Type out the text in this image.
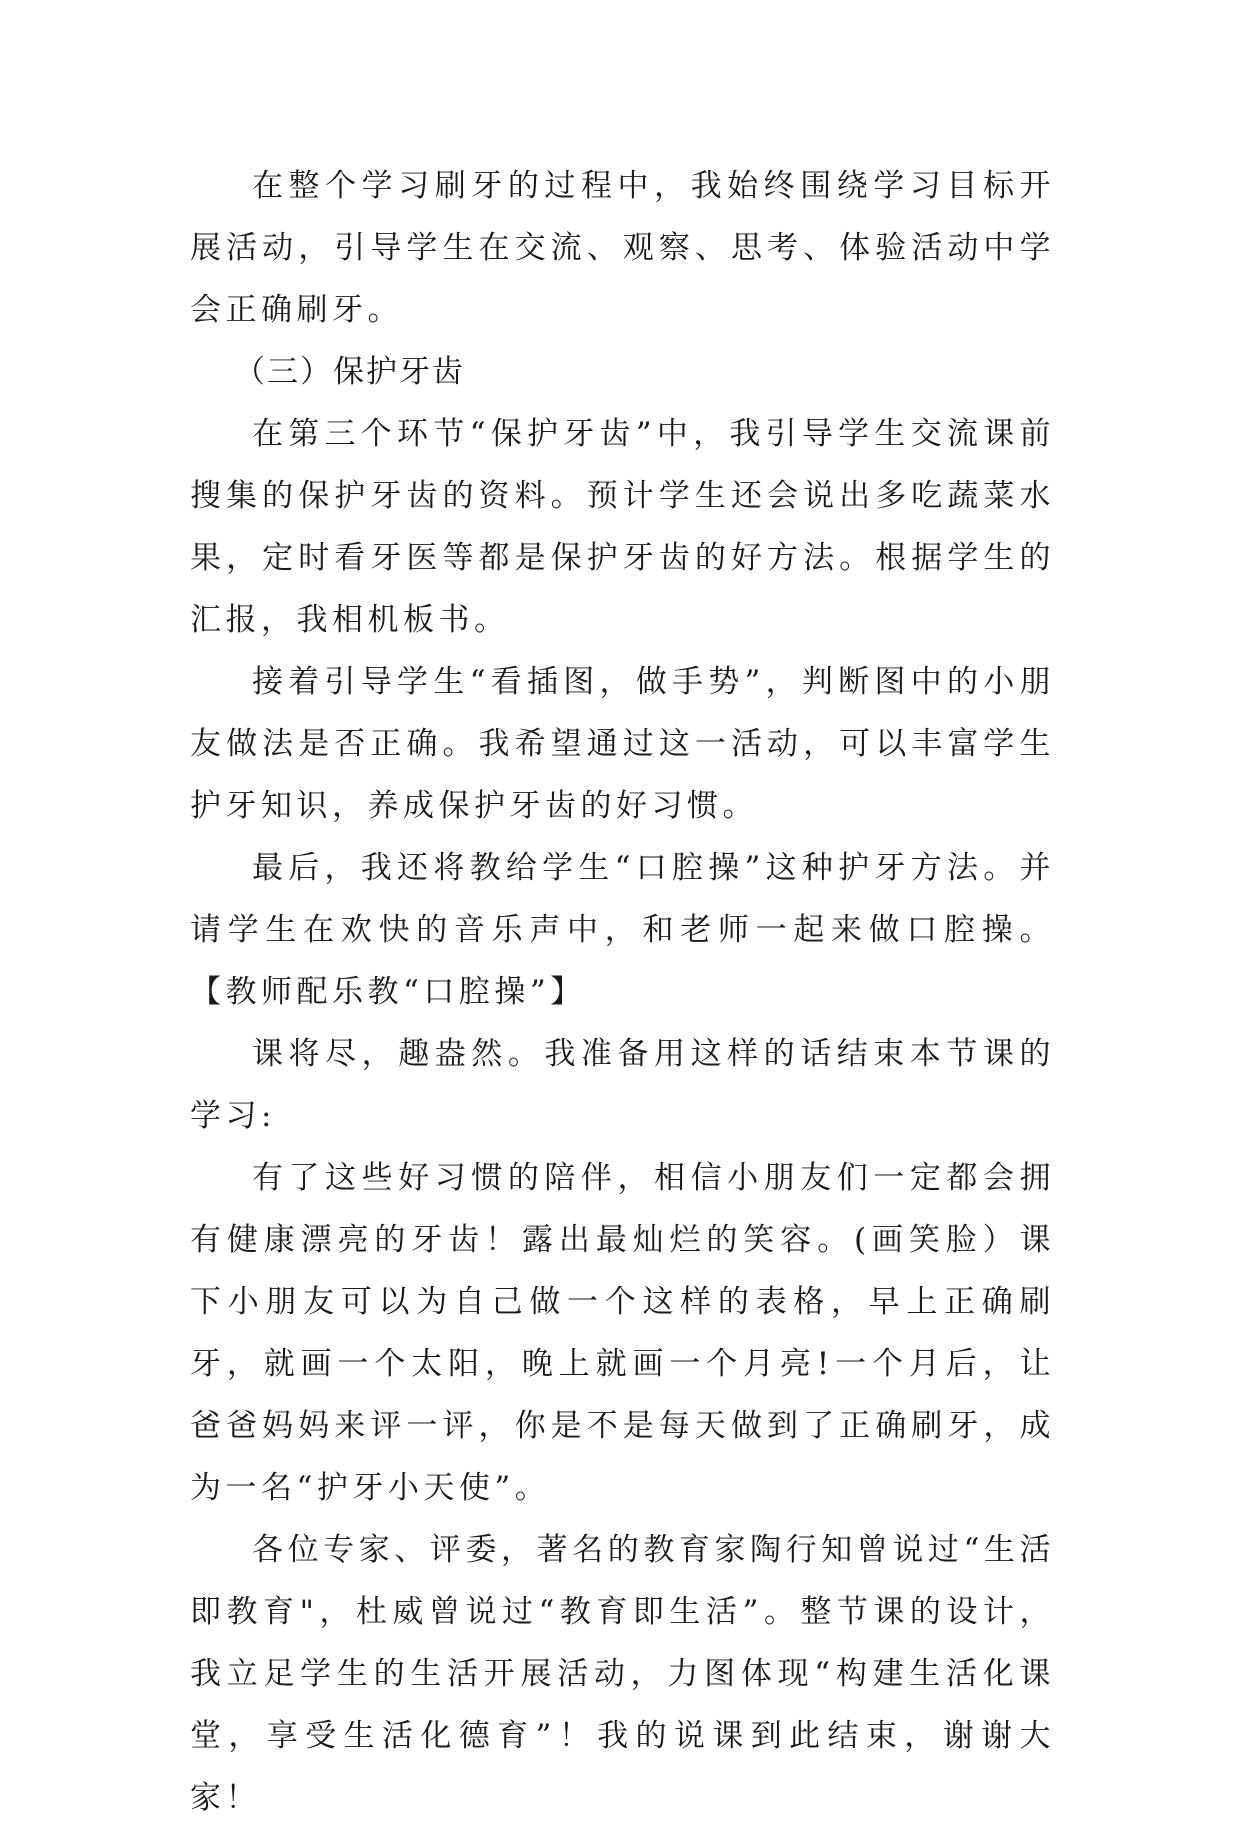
在整个学习刷牙的过程中，我始终围绕学习目标开展活动，引导学生在交流、观察、思考、体验活动中学会正确刷牙。

（三）保护牙齿

在第三个环节“保护牙齿”中，我引导学生交流课前搜集的保护牙齿的资料。预计学生还会说出多吃蔬菜水果，定时看牙医等都是保护牙齿的好方法。根据学生的汇报，我相机板书。

接着引导学生“看插图，做手势”，判断图中的小朋友做法是否正确。我希望通过这一活动，可以丰富学生护牙知识，养成保护牙齿的好习惯。

最后，我还将教给学生“口腔操”这种护牙方法。并请学生在欢快的音乐声中，和老师一起来做口腔操。【教师配乐教“口腔操”】

课将尽，趣盎然。我准备用这样的话结束本节课的学习:

有了这些好习惯的陪伴，相信小朋友们一定都会拥有健康漂亮的牙齿！露出最灿烂的笑容。(画笑脸）课下小朋友可以为自己做一个这样的表格，早上正确刷牙，就画一个太阳，晚上就画一个月亮!一个月后，让爸爸妈妈来评一评，你是不是每天做到了正确刷牙，成为一名“护牙小天使”。

各位专家、评委，著名的教育家陶行知曾说过“生活即教育"，杜威曾说过“教育即生活”。整节课的设计，我立足学生的生活开展活动，力图体现“构建生活化课堂，享受生活化德育”！我的说课到此结束，谢谢大家！
